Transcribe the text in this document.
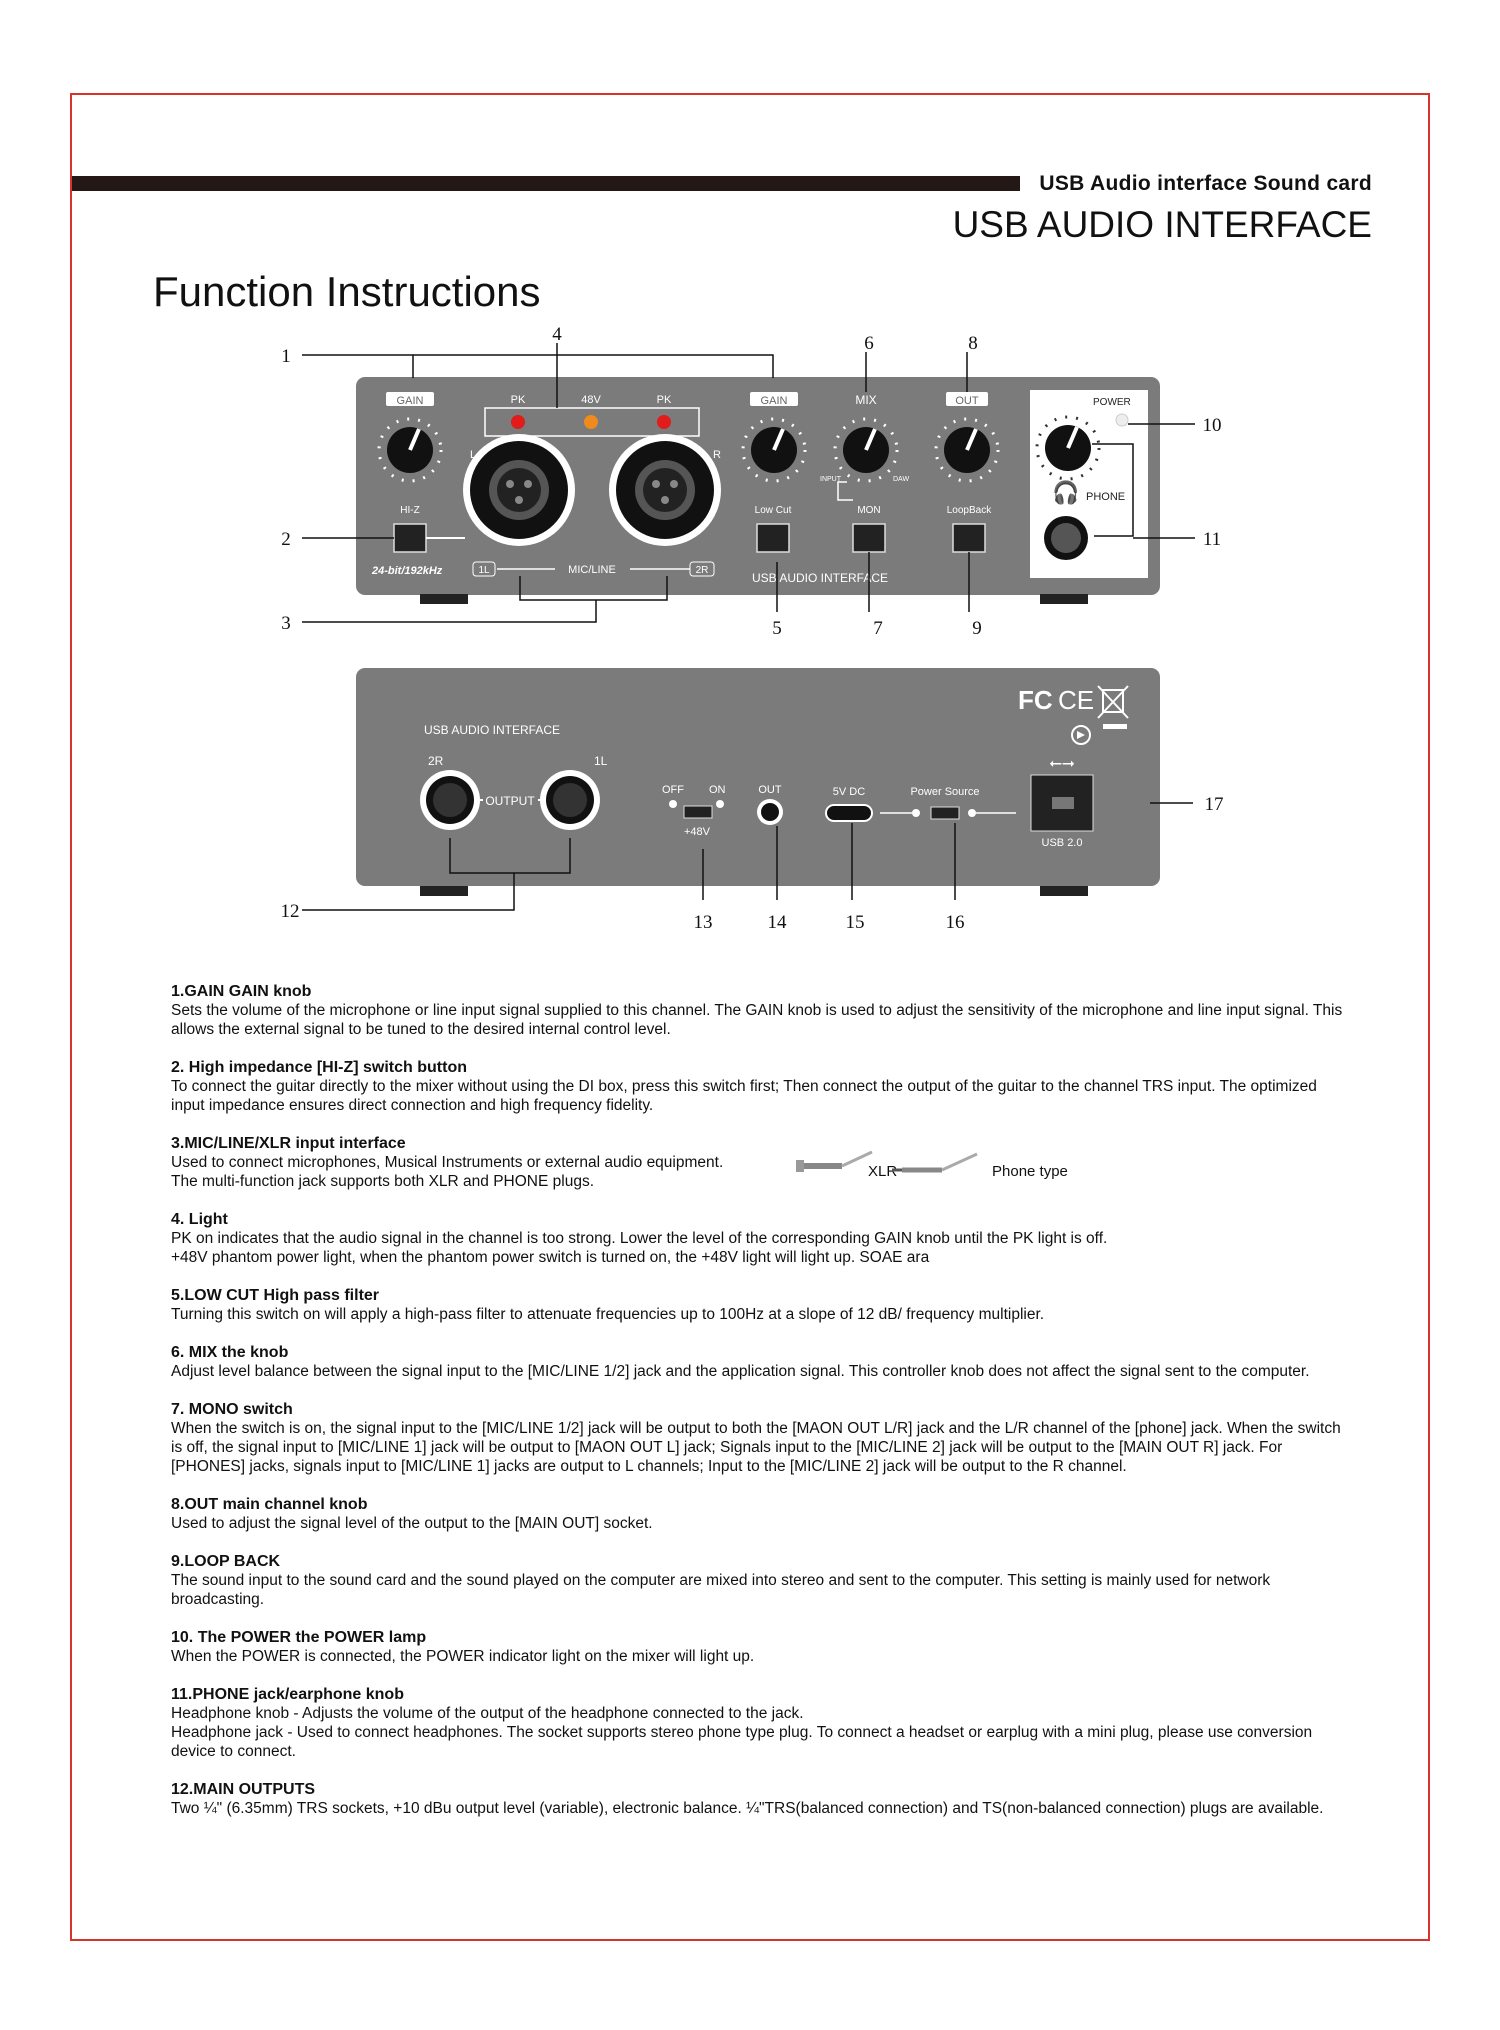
USB Audio interface Sound card
USB AUDIO INTERFACE
Function Instructions
GAIN	GAIN	MIX	OUT
PK	48V	PK
INPUT	DAW
POWER
L	R
HI-Z	Low Cut	MON	LoopBack
🎧 PHONE
24-bit/192kHz	1L	MIC/LINE	2R
USB AUDIO INTERFACE
USB AUDIO INTERFACE
2R	1L
OUTPUT
OFF ON
+48V
OUT	5V DC	Power Source
USB 2.0
⭠⭢
FC CE
1
2
3
4
5
6
7
8
9
10
11
12
13	14	15	16
17
1.GAIN GAIN knob

Sets the volume of the microphone or line input signal supplied to this channel. The GAIN knob is used to adjust the sensitivity of the microphone and line input signal. This allows the external signal to be tuned to the desired internal control level.

2. High impedance [HI-Z] switch button

To connect the guitar directly to the mixer without using the DI box, press this switch first; Then connect the output of the guitar to the channel TRS input. The optimized input impedance ensures direct connection and high frequency fidelity.

3.MIC/LINE/XLR input interface

Used to connect microphones, Musical Instruments or external audio equipment.

The multi-function jack supports both XLR and PHONE plugs.

XLR	Phone type
4. Light

PK on indicates that the audio signal in the channel is too strong. Lower the level of the corresponding GAIN knob until the PK light is off.

+48V phantom power light, when the phantom power switch is turned on, the +48V light will light up. SOAE ara

5.LOW CUT High pass filter

Turning this switch on will apply a high-pass filter to attenuate frequencies up to 100Hz at a slope of 12 dB/ frequency multiplier.

6. MIX the knob

Adjust level balance between the signal input to the [MIC/LINE 1/2] jack and the application signal. This controller knob does not affect the signal sent to the computer.

7. MONO switch

When the switch is on, the signal input to the [MIC/LINE 1/2] jack will be output to both the [MAON OUT L/R] jack and the L/R channel of the [phone] jack. When the switch is off, the signal input to [MIC/LINE 1] jack will be output to [MAON OUT L] jack; Signals input to the [MIC/LINE 2] jack will be output to the [MAIN OUT R] jack. For [PHONES] jacks, signals input to [MIC/LINE 1] jacks are output to L channels; Input to the [MIC/LINE 2] jack will be output to the R channel.

8.OUT main channel knob

Used to adjust the signal level of the output to the [MAIN OUT] socket.

9.LOOP BACK

The sound input to the sound card and the sound played on the computer are mixed into stereo and sent to the computer. This setting is mainly used for network broadcasting.

10. The POWER the POWER lamp

When the POWER is connected, the POWER indicator light on the mixer will light up.

11.PHONE jack/earphone knob

Headphone knob - Adjusts the volume of the output of the headphone connected to the jack.

Headphone jack - Used to connect headphones. The socket supports stereo phone type plug. To connect a headset or earplug with a mini plug, please use conversion device to connect.

12.MAIN OUTPUTS

Two ¼" (6.35mm) TRS sockets, +10 dBu output level (variable), electronic balance. ¼"TRS(balanced connection) and TS(non-balanced connection) plugs are available.
